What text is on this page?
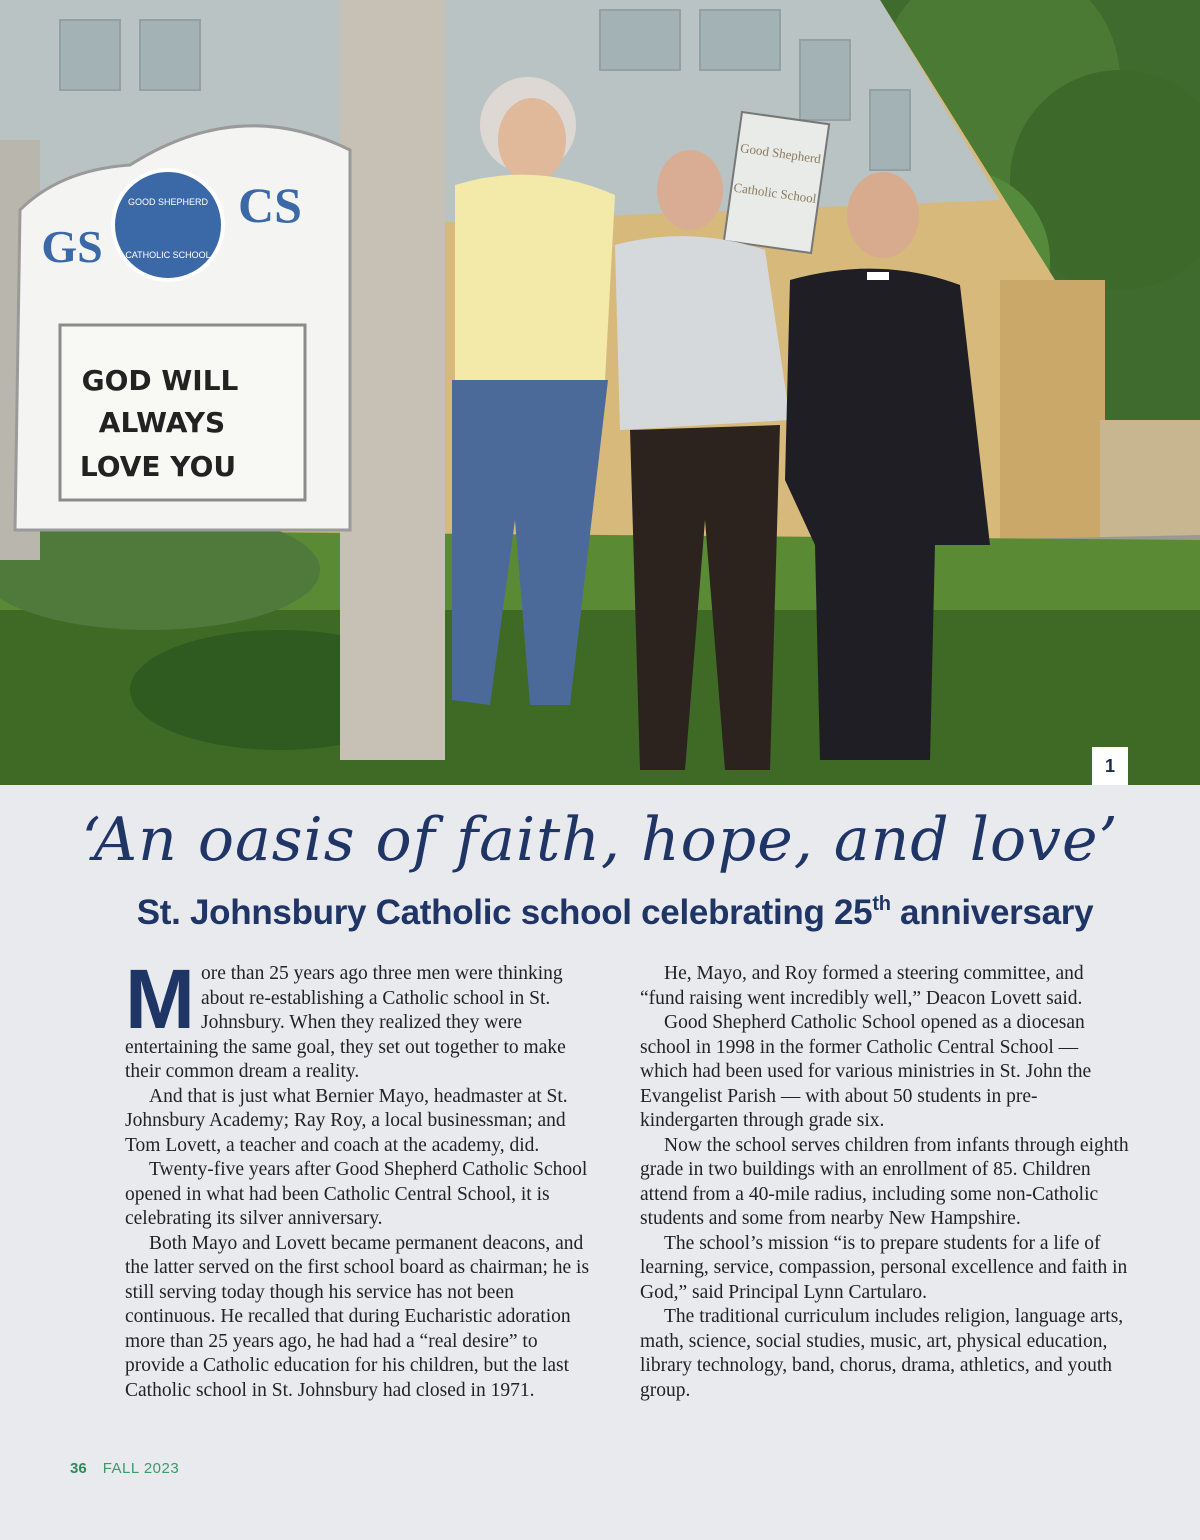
Good Shepherd
Catholic School
GOOD SHEPHERD
CATHOLIC SCHOOL
GS
CS
GOD WILL
ALWAYS
LOVE YOU
1
‘An oasis of faith, hope, and love’
St. Johnsbury Catholic school celebrating 25th anniversary

More than 25 years ago three men were thinking about re-establishing a Catholic school in St. Johnsbury. When they realized they were entertaining the same goal, they set out together to make their common dream a reality.

And that is just what Bernier Mayo, headmaster at St. Johnsbury Academy; Ray Roy, a local businessman; and Tom Lovett, a teacher and coach at the academy, did.

Twenty-five years after Good Shepherd Catholic School opened in what had been Catholic Central School, it is celebrating its silver anniversary.

Both Mayo and Lovett became permanent deacons, and the latter served on the first school board as chairman; he is still serving today though his service has not been continuous. He recalled that during Eucharistic adoration more than 25 years ago, he had had a “real desire” to provide a Catholic education for his children, but the last Catholic school in St. Johnsbury had closed in 1971.

He, Mayo, and Roy formed a steering committee, and “fund raising went incredibly well,” Deacon Lovett said.

Good Shepherd Catholic School opened as a diocesan school in 1998 in the former Catholic Central School — which had been used for various ministries in St. John the Evangelist Parish — with about 50 students in pre-kindergarten through grade six.

Now the school serves children from infants through eighth grade in two buildings with an enrollment of 85. Children attend from a 40-mile radius, including some non-Catholic students and some from nearby New Hampshire.

The school’s mission “is to prepare students for a life of learning, service, compassion, personal excellence and faith in God,” said Principal Lynn Cartularo.

The traditional curriculum includes religion, language arts, math, science, social studies, music, art, physical education, library technology, band, chorus, drama, athletics, and youth group.

36 FALL 2023
